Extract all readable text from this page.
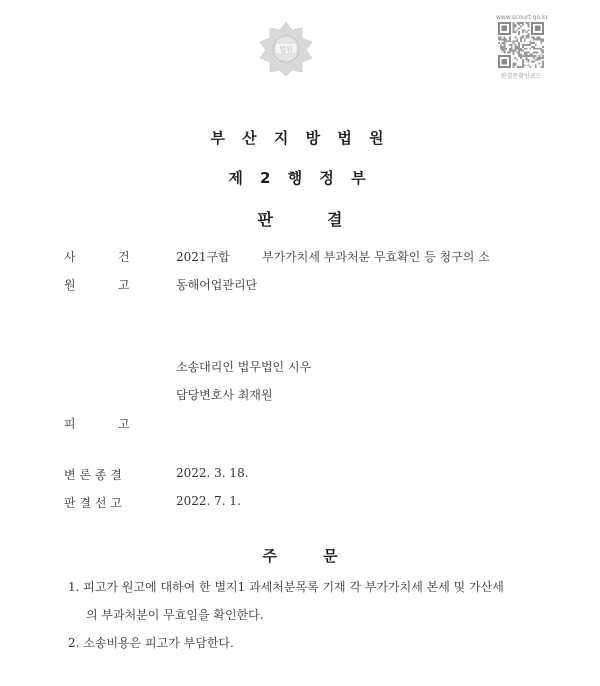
법원
www.scourt.go.kr
판결문확인코드
부 산 지 방 법 원
제 2 행 정 부
판	결
사	건	2021구합	부가가치세 부과처분 무효확인 등 청구의 소
원	고	동해어업관리단
소송대리인 법무법인 시우
담당변호사 최재원
피	고
변 론 종 결	2022. 3. 18.
판 결 선 고	2022. 7. 1.
주	문
1. 피고가 원고에 대하여 한 별지1 과세처분목록 기재 각 부가가치세 본세 및 가산세
의 부과처분이 무효임을 확인한다.
2. 소송비용은 피고가 부담한다.
